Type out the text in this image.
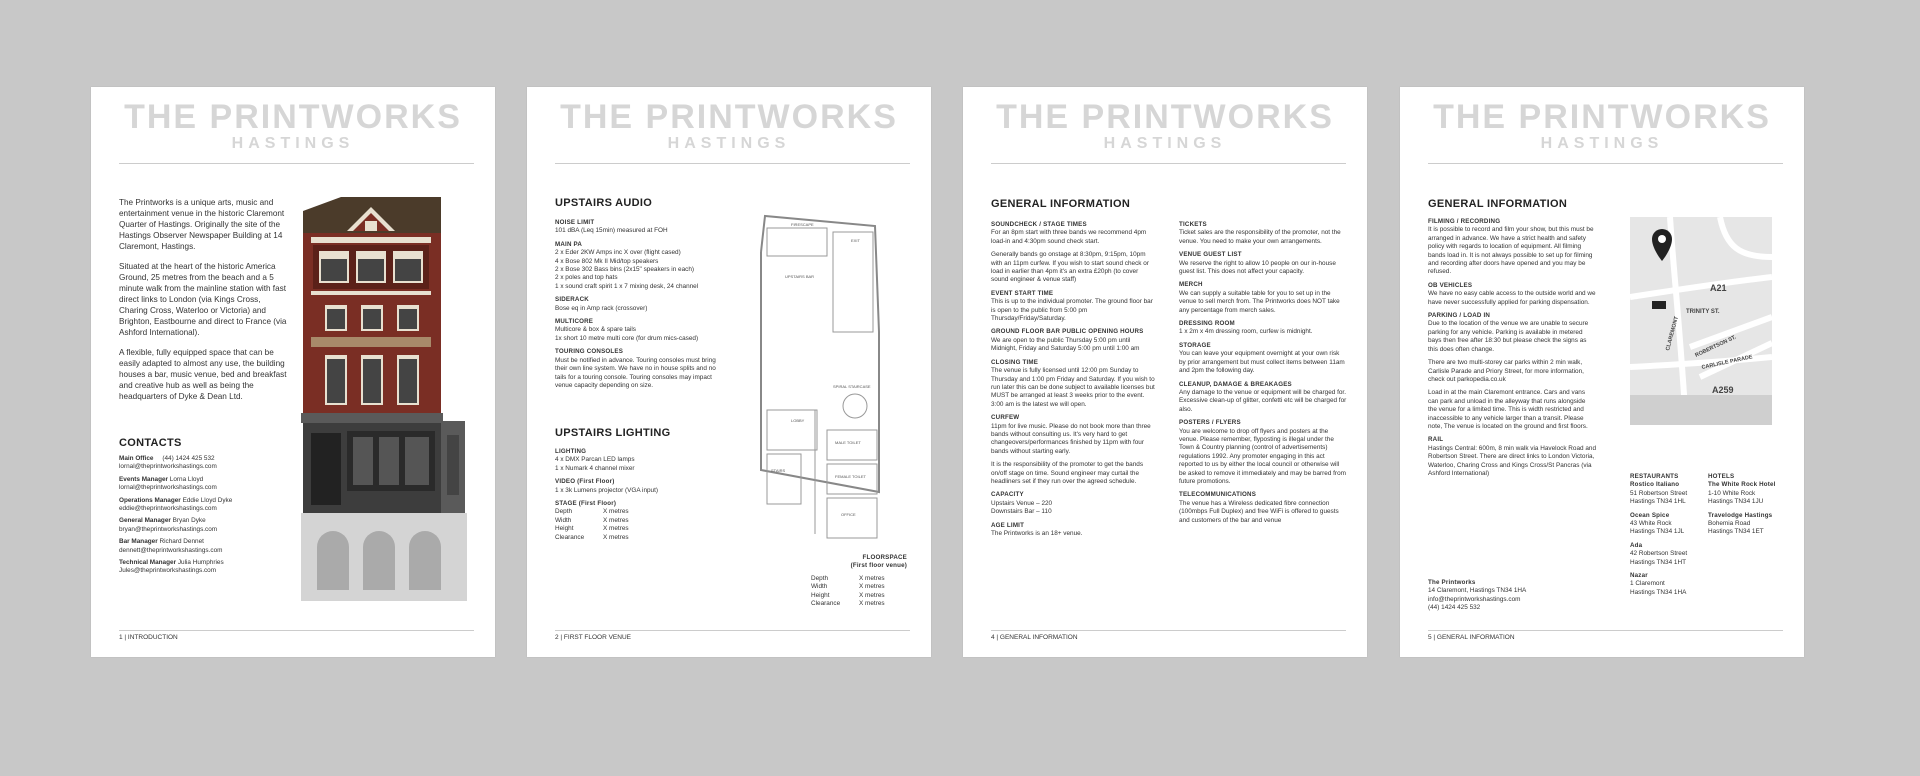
THE PRINTWORKS
HASTINGS

The Printworks is a unique arts, music and entertainment venue in the historic Claremont Quarter of Hastings. Originally the site of the Hastings Observer Newspaper Building at 14 Claremont, Hastings.

Situated at the heart of the historic America Ground, 25 metres from the beach and a 5 minute walk from the mainline station with fast direct links to London (via Kings Cross, Charing Cross, Waterloo or Victoria) and Brighton, Eastbourne and direct to France (via Ashford International).

A flexible, fully equipped space that can be easily adapted to almost any use, the building houses a bar, music venue, bed and breakfast and creative hub as well as being the headquarters of Dyke & Dean Ltd.

CONTACTS
Main Office (44) 1424 425 532
lornal@theprintworkshastings.com
Events Manager Lorna Lloyd
lornal@theprintworkshastings.com
Operations Manager Eddie Lloyd Dyke
eddie@theprintworkshastings.com
General Manager Bryan Dyke
bryan@theprintworkshastings.com
Bar Manager Richard Dennet
dennett@theprintworkshastings.com
Technical Manager Julia Humphries
Jules@theprintworkshastings.com
1 | INTRODUCTION
THE PRINTWORKS
HASTINGS
UPSTAIRS AUDIO
NOISE LIMIT

101 dBA (Leq 15min) measured at FOH

MAIN PA

2 x Eder 2KW Amps inc X over (flight cased)
4 x Bose 802 Mk II Mid/top speakers
2 x Bose 302 Bass bins (2x15" speakers in each)
2 x poles and top hats
1 x sound craft spirit 1 x 7 mixing desk, 24 channel

SIDERACK

Bose eq in Amp rack (crossover)

MULTICORE

Multicore & box & spare tails
1x short 10 metre multi core (for drum mics-cased)

TOURING CONSOLES

Must be notified in advance. Touring consoles must bring their own line system. We have no in house splits and no tails for a touring console. Touring consoles may impact venue capacity depending on size.

UPSTAIRS LIGHTING
LIGHTING

4 x DMX Parcan LED lamps
1 x Numark 4 channel mixer

VIDEO (First Floor)

1 x 3k Lumens projector (VGA input)

STAGE (First Floor)
Depth	X metres
Width	X metres
Height	X metres
Clearance	X metres
FIRESCAPE
EXIT
UPSTAIRS BAR
SPIRAL STAIRCASE
LOBBY
MALE TOILET
FEMALE TOILET
STAIRS
OFFICE
FLOORSPACE
(First floor venue)
Depth	X metres
Width	X metres
Height	X metres
Clearance	X metres
2 | FIRST FLOOR VENUE
THE PRINTWORKS
HASTINGS
GENERAL INFORMATION
SOUNDCHECK / STAGE TIMES

For an 8pm start with three bands we recommend 4pm load-in and 4:30pm sound check start.

Generally bands go onstage at 8:30pm, 9:15pm, 10pm with an 11pm curfew. If you wish to start sound check or load in earlier than 4pm it's an extra £20ph (to cover sound engineer & venue staff)

EVENT START TIME

This is up to the individual promoter. The ground floor bar is open to the public from 5:00 pm Thursday/Friday/Saturday.

GROUND FLOOR BAR PUBLIC OPENING HOURS

We are open to the public Thursday 5:00 pm until Midnight, Friday and Saturday 5:00 pm until 1:00 am

CLOSING TIME

The venue is fully licensed until 12:00 pm Sunday to Thursday and 1:00 pm Friday and Saturday. If you wish to run later this can be done subject to available licenses but MUST be arranged at least 3 weeks prior to the event. 3:00 am is the latest we will open.

CURFEW

11pm for live music. Please do not book more than three bands without consulting us. It's very hard to get changeovers/performances finished by 11pm with four bands without starting early.

It is the responsibility of the promoter to get the bands on/off stage on time. Sound engineer may curtail the headliners set if they run over the agreed schedule.

CAPACITY

Upstairs Venue – 220
Downstairs Bar – 110

AGE LIMIT

The Printworks is an 18+ venue.

TICKETS

Ticket sales are the responsibility of the promoter, not the venue. You need to make your own arrangements.

VENUE GUEST LIST

We reserve the right to allow 10 people on our in-house guest list. This does not affect your capacity.

MERCH

We can supply a suitable table for you to set up in the venue to sell merch from. The Printworks does NOT take any percentage from merch sales.

DRESSING ROOM

1 x 2m x 4m dressing room, curfew is midnight.

STORAGE

You can leave your equipment overnight at your own risk by prior arrangement but must collect items between 11am and 2pm the following day.

CLEANUP, DAMAGE & BREAKAGES

Any damage to the venue or equipment will be charged for. Excessive clean-up of glitter, confetti etc will be charged for also.

POSTERS / FLYERS

You are welcome to drop off flyers and posters at the venue. Please remember, flyposting is illegal under the Town & Country planning (control of advertisements) regulations 1992. Any promoter engaging in this act reported to us by either the local council or otherwise will be asked to remove it immediately and may be barred from future promotions.

TELECOMMUNICATIONS

The venue has a Wireless dedicated fibre connection (100mbps Full Duplex) and free WiFi is offered to guests and customers of the bar and venue

4 | GENERAL INFORMATION
THE PRINTWORKS
HASTINGS
GENERAL INFORMATION
FILMING / RECORDING

It is possible to record and film your show, but this must be arranged in advance. We have a strict health and safety policy with regards to location of equipment. All filming bands load in. It is not always possible to set up for filming and recording after doors have opened and you may be refused.

OB VEHICLES

We have no easy cable access to the outside world and we have never successfully applied for parking dispensation.

PARKING / LOAD IN

Due to the location of the venue we are unable to secure parking for any vehicle. Parking is available in metered bays then free after 18:30 but please check the signs as this does often change.

There are two multi-storey car parks within 2 min walk, Carlisle Parade and Priory Street, for more information, check out parkopedia.co.uk

Load in at the main Claremont entrance. Cars and vans can park and unload in the alleyway that runs alongside the venue for a limited time. This is width restricted and inaccessible to any vehicle larger than a transit. Please note, The venue is located on the ground and first floors.

RAIL

Hastings Central: 600m, 8 min walk via Havelock Road and Robertson Street. There are direct links to London Victoria, Waterloo, Charing Cross and Kings Cross/St Pancras (via Ashford International)

The Printworks
14 Claremont, Hastings TN34 1HA
info@theprintworkshastings.com
(44) 1424 425 532
A21
TRINITY ST.
CLAREMONT	ROBERTSON ST.
CARLISLE PARADE
A259
RESTAURANTS
Rostico Italiano
51 Robertson Street

Hastings TN34 1HL

Ocean Spice
43 White Rock

Hastings TN34 1JL

Ada
42 Robertson Street

Hastings TN34 1HT

Nazar
1 Claremont

Hastings TN34 1HA

HOTELS
The White Rock Hotel
1-10 White Rock

Hastings TN34 1JU

Travelodge Hastings
Bohemia Road

Hastings TN34 1ET

5 | GENERAL INFORMATION
